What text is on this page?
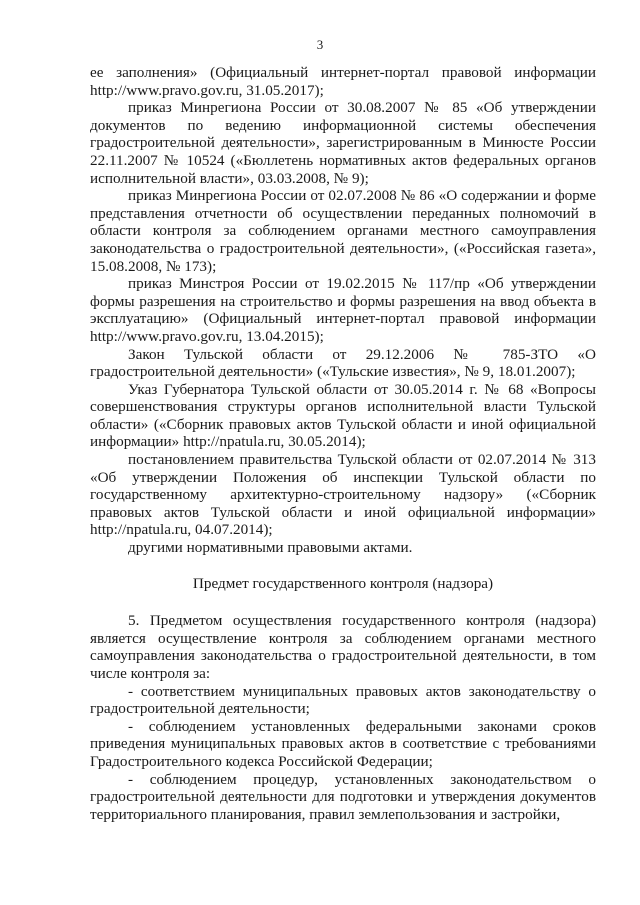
3

ее заполнения» (Официальный интернет-портал правовой информации http://www.pravo.gov.ru, 31.05.2017);

приказ Минрегиона России от 30.08.2007 № 85 «Об утверждении документов по ведению информационной системы обеспечения градостроительной деятельности», зарегистрированным в Минюсте России 22.11.2007 № 10524 («Бюллетень нормативных актов федеральных органов исполнительной власти», 03.03.2008, № 9);

приказ Минрегиона России от 02.07.2008 № 86 «О содержании и форме представления отчетности об осуществлении переданных полномочий в области контроля за соблюдением органами местного самоуправления законодательства о градостроительной деятельности», («Российская газета», 15.08.2008, № 173);

приказ Минстроя России от 19.02.2015 № 117/пр «Об утверждении формы разрешения на строительство и формы разрешения на ввод объекта в эксплуатацию» (Официальный интернет-портал правовой информации http://www.pravo.gov.ru, 13.04.2015);

Закон Тульской области от 29.12.2006 № 785-ЗТО «О градостроительной деятельности» («Тульские известия», № 9, 18.01.2007);

Указ Губернатора Тульской области от 30.05.2014 г. № 68 «Вопросы совершенствования структуры органов исполнительной власти Тульской области» («Сборник правовых актов Тульской области и иной официальной информации» http://npatula.ru, 30.05.2014);

постановлением правительства Тульской области от 02.07.2014 № 313 «Об утверждении Положения об инспекции Тульской области по государственному архитектурно-строительному надзору» («Сборник правовых актов Тульской области и иной официальной информации» http://npatula.ru, 04.07.2014);

другими нормативными правовыми актами.

Предмет государственного контроля (надзора)

5. Предметом осуществления государственного контроля (надзора) является осуществление контроля за соблюдением органами местного самоуправления законодательства о градостроительной деятельности, в том числе контроля за:

- соответствием муниципальных правовых актов законодательству о градостроительной деятельности;

- соблюдением установленных федеральными законами сроков приведения муниципальных правовых актов в соответствие с требованиями Градостроительного кодекса Российской Федерации;

- соблюдением процедур, установленных законодательством о градостроительной деятельности для подготовки и утверждения документов территориального планирования, правил землепользования и застройки,
